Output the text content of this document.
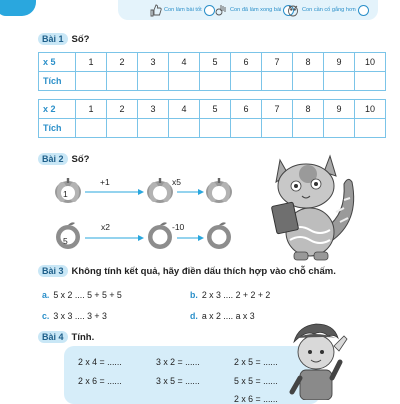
Con làm bài tốt	Con đã làm xong bài	Con cần cố gắng hơn
Bài 1 Số?
x 5	1	2	3	4	5	6	7	8	9	10
Tích										
x 2	1	2	3	4	5	6	7	8	9	10
Tích										
Bài 2 Số?
1
+1	x5
5
x2	-10
Bài 3 Không tính kết quả, hãy điền dấu thích hợp vào chỗ chấm.
a. 5 x 2 .... 5 + 5 + 5	b. 2 x 3 .... 2 + 2 + 2
c. 3 x 3 .... 3 + 3	d. a x 2 .... a x 3
Bài 4 Tính.
2 x 4 = ......	3 x 2 = ......	2 x 5 = ......
2 x 6 = ......	3 x 5 = ......	5 x 5 = ......
2 x 6 = ......
